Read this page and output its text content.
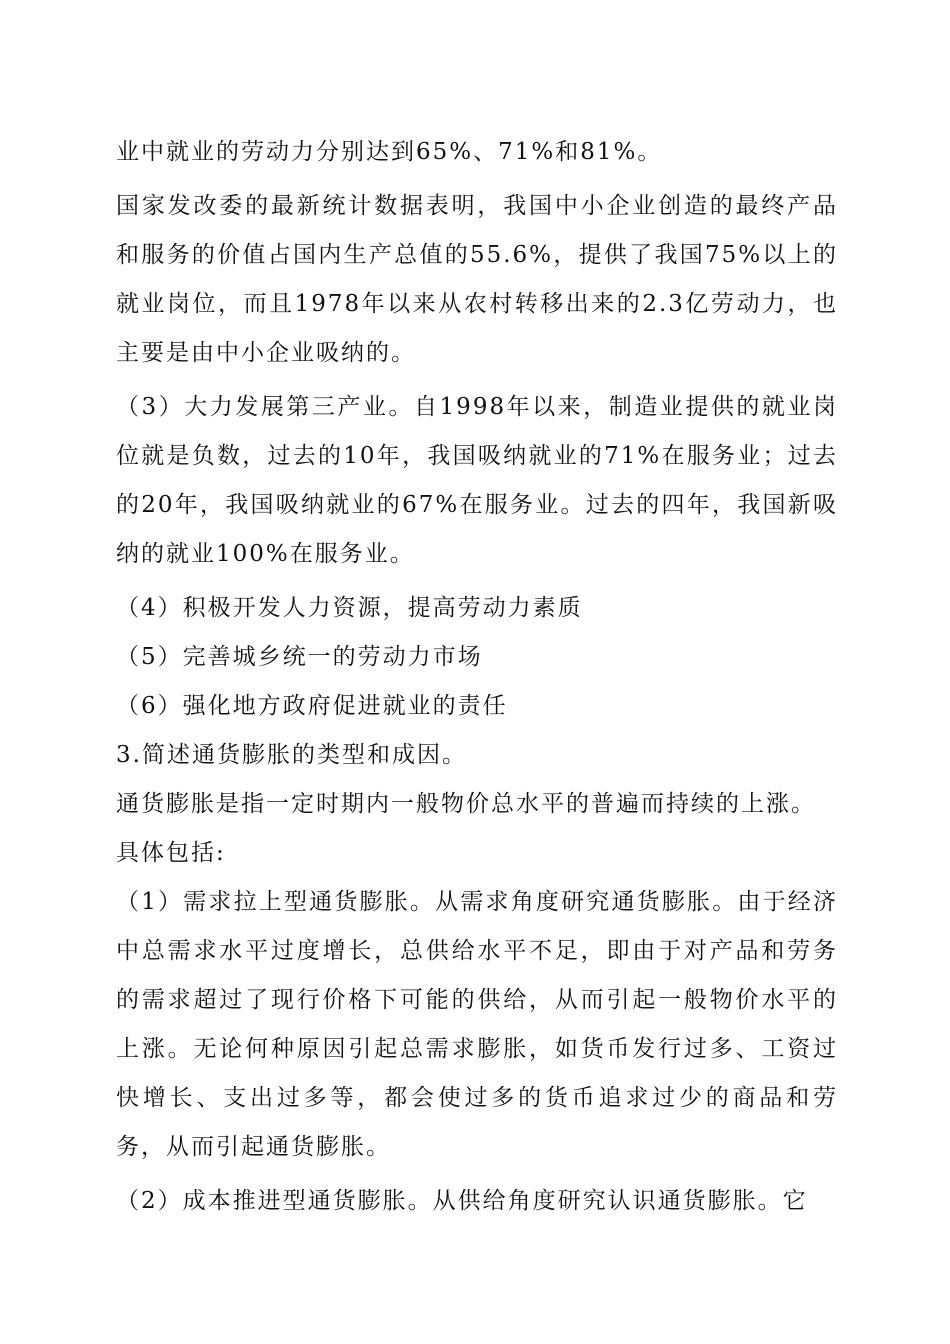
业中就业的劳动力分别达到65%、71%和81%。

国家发改委的最新统计数据表明，我国中小企业创造的最终产品和服务的价值占国内生产总值的55.6%，提供了我国75%以上的就业岗位，而且1978年以来从农村转移出来的2.3亿劳动力，也主要是由中小企业吸纳的。

（3）大力发展第三产业。自1998年以来，制造业提供的就业岗位就是负数，过去的10年，我国吸纳就业的71%在服务业；过去的20年，我国吸纳就业的67%在服务业。过去的四年，我国新吸纳的就业100%在服务业。

（4）积极开发人力资源，提高劳动力素质

（5）完善城乡统一的劳动力市场

（6）强化地方政府促进就业的责任

3.简述通货膨胀的类型和成因。

通货膨胀是指一定时期内一般物价总水平的普遍而持续的上涨。

具体包括:

（1）需求拉上型通货膨胀。从需求角度研究通货膨胀。由于经济中总需求水平过度增长，总供给水平不足，即由于对产品和劳务的需求超过了现行价格下可能的供给，从而引起一般物价水平的上涨。无论何种原因引起总需求膨胀，如货币发行过多、工资过快增长、支出过多等，都会使过多的货币追求过少的商品和劳务，从而引起通货膨胀。

（2）成本推进型通货膨胀。从供给角度研究认识通货膨胀。它
